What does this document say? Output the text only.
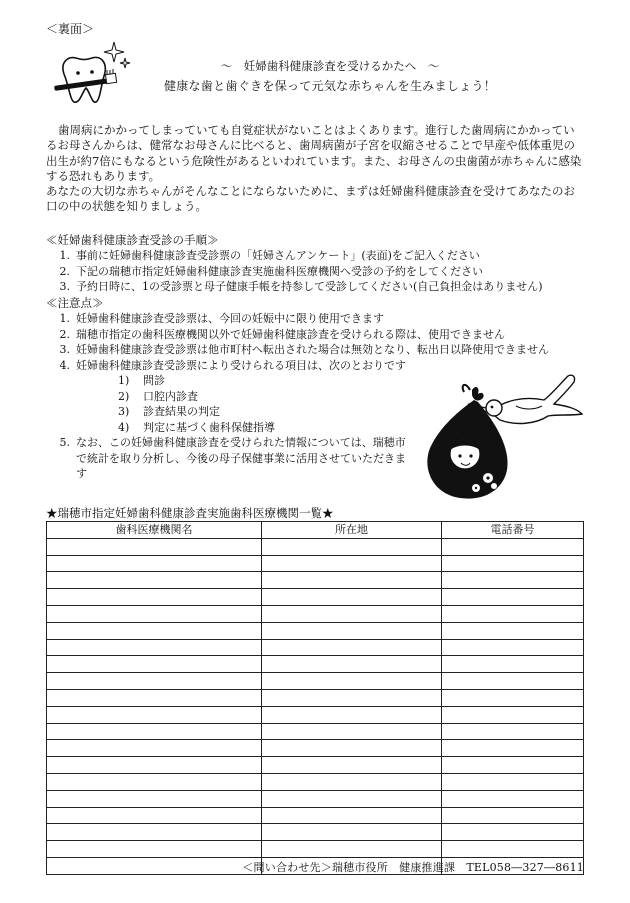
＜裏面＞
〜　妊婦歯科健康診査を受けるかたへ　〜
健康な歯と歯ぐきを保って元気な赤ちゃんを生みましょう！

歯周病にかかってしまっていても自覚症状がないことはよくあります。進行した歯周病にかかっているお母さんからは、健常なお母さんに比べると、歯周病菌が子宮を収縮させることで早産や低体重児の出生が約7倍にもなるという危険性があるといわれています。また、お母さんの虫歯菌が赤ちゃんに感染する恐れもあります。

あなたの大切な赤ちゃんがそんなことにならないために、まずは妊婦歯科健康診査を受けてあなたのお口の中の状態を知りましょう。

≪妊婦歯科健康診査受診の手順≫
1. 事前に妊婦歯科健康診査受診票の「妊婦さんアンケート」(表面)をご記入ください
2. 下記の瑞穂市指定妊婦歯科健康診査実施歯科医療機関へ受診の予約をしてください
3. 予約日時に、1の受診票と母子健康手帳を持参して受診してください(自己負担金はありません)
≪注意点≫
1. 妊婦歯科健康診査受診票は、今回の妊娠中に限り使用できます
2. 瑞穂市指定の歯科医療機関以外で妊婦歯科健康診査を受けられる際は、使用できません
3. 妊婦歯科健康診査受診票は他市町村へ転出された場合は無効となり、転出日以降使用できません
4. 妊婦歯科健康診査受診票により受けられる項目は、次のとおりです
1)	問診
2)	口腔内診査
3)	診査結果の判定
4)	判定に基づく歯科保健指導
5. なお、この妊婦歯科健康診査を受けられた情報については、瑞穂市で統計を取り分析し、今後の母子保健事業に活用させていただきます
★瑞穂市指定妊婦歯科健康診査実施歯科医療機関一覧★
歯科医療機関名	所在地	電話番号

＜問い合わせ先＞瑞穂市役所　健康推進課　TEL058―327―8611
